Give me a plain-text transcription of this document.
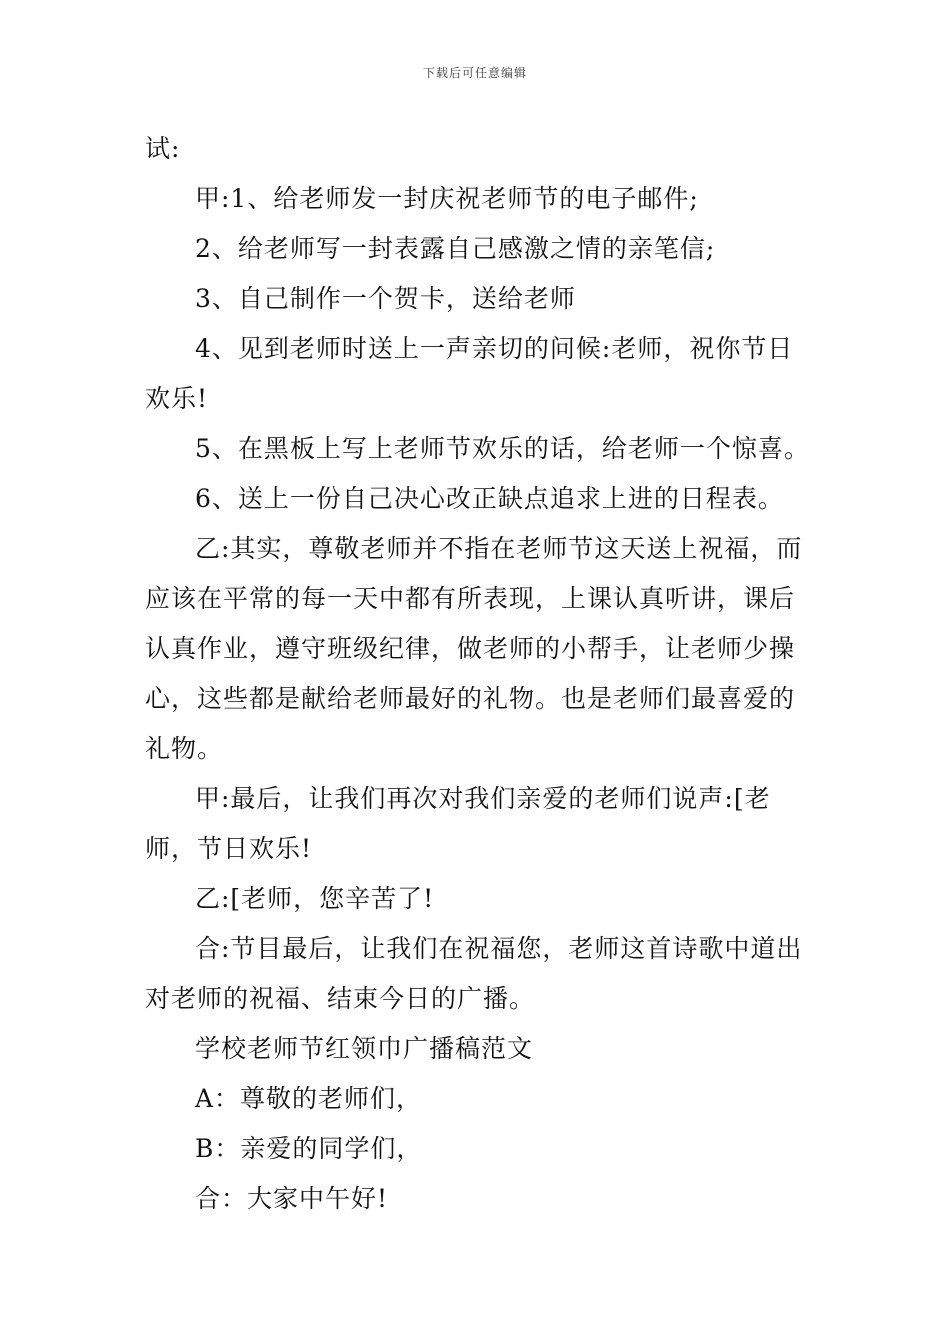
下载后可任意编辑

试:

甲:1、给老师发一封庆祝老师节的电子邮件;

2、给老师写一封表露自己感激之情的亲笔信;

3、自己制作一个贺卡，送给老师

4、见到老师时送上一声亲切的问候:老师，祝你节日欢乐!

5、在黑板上写上老师节欢乐的话，给老师一个惊喜。

6、送上一份自己决心改正缺点追求上进的日程表。

乙:其实，尊敬老师并不指在老师节这天送上祝福，而应该在平常的每一天中都有所表现，上课认真听讲，课后认真作业，遵守班级纪律，做老师的小帮手，让老师少操心，这些都是献给老师最好的礼物。也是老师们最喜爱的礼物。

甲:最后，让我们再次对我们亲爱的老师们说声:[老师，节日欢乐!

乙:[老师，您辛苦了!

合:节目最后，让我们在祝福您，老师这首诗歌中道出对老师的祝福、结束今日的广播。

学校老师节红领巾广播稿范文

A：尊敬的老师们，

B：亲爱的同学们，

合：大家中午好!
